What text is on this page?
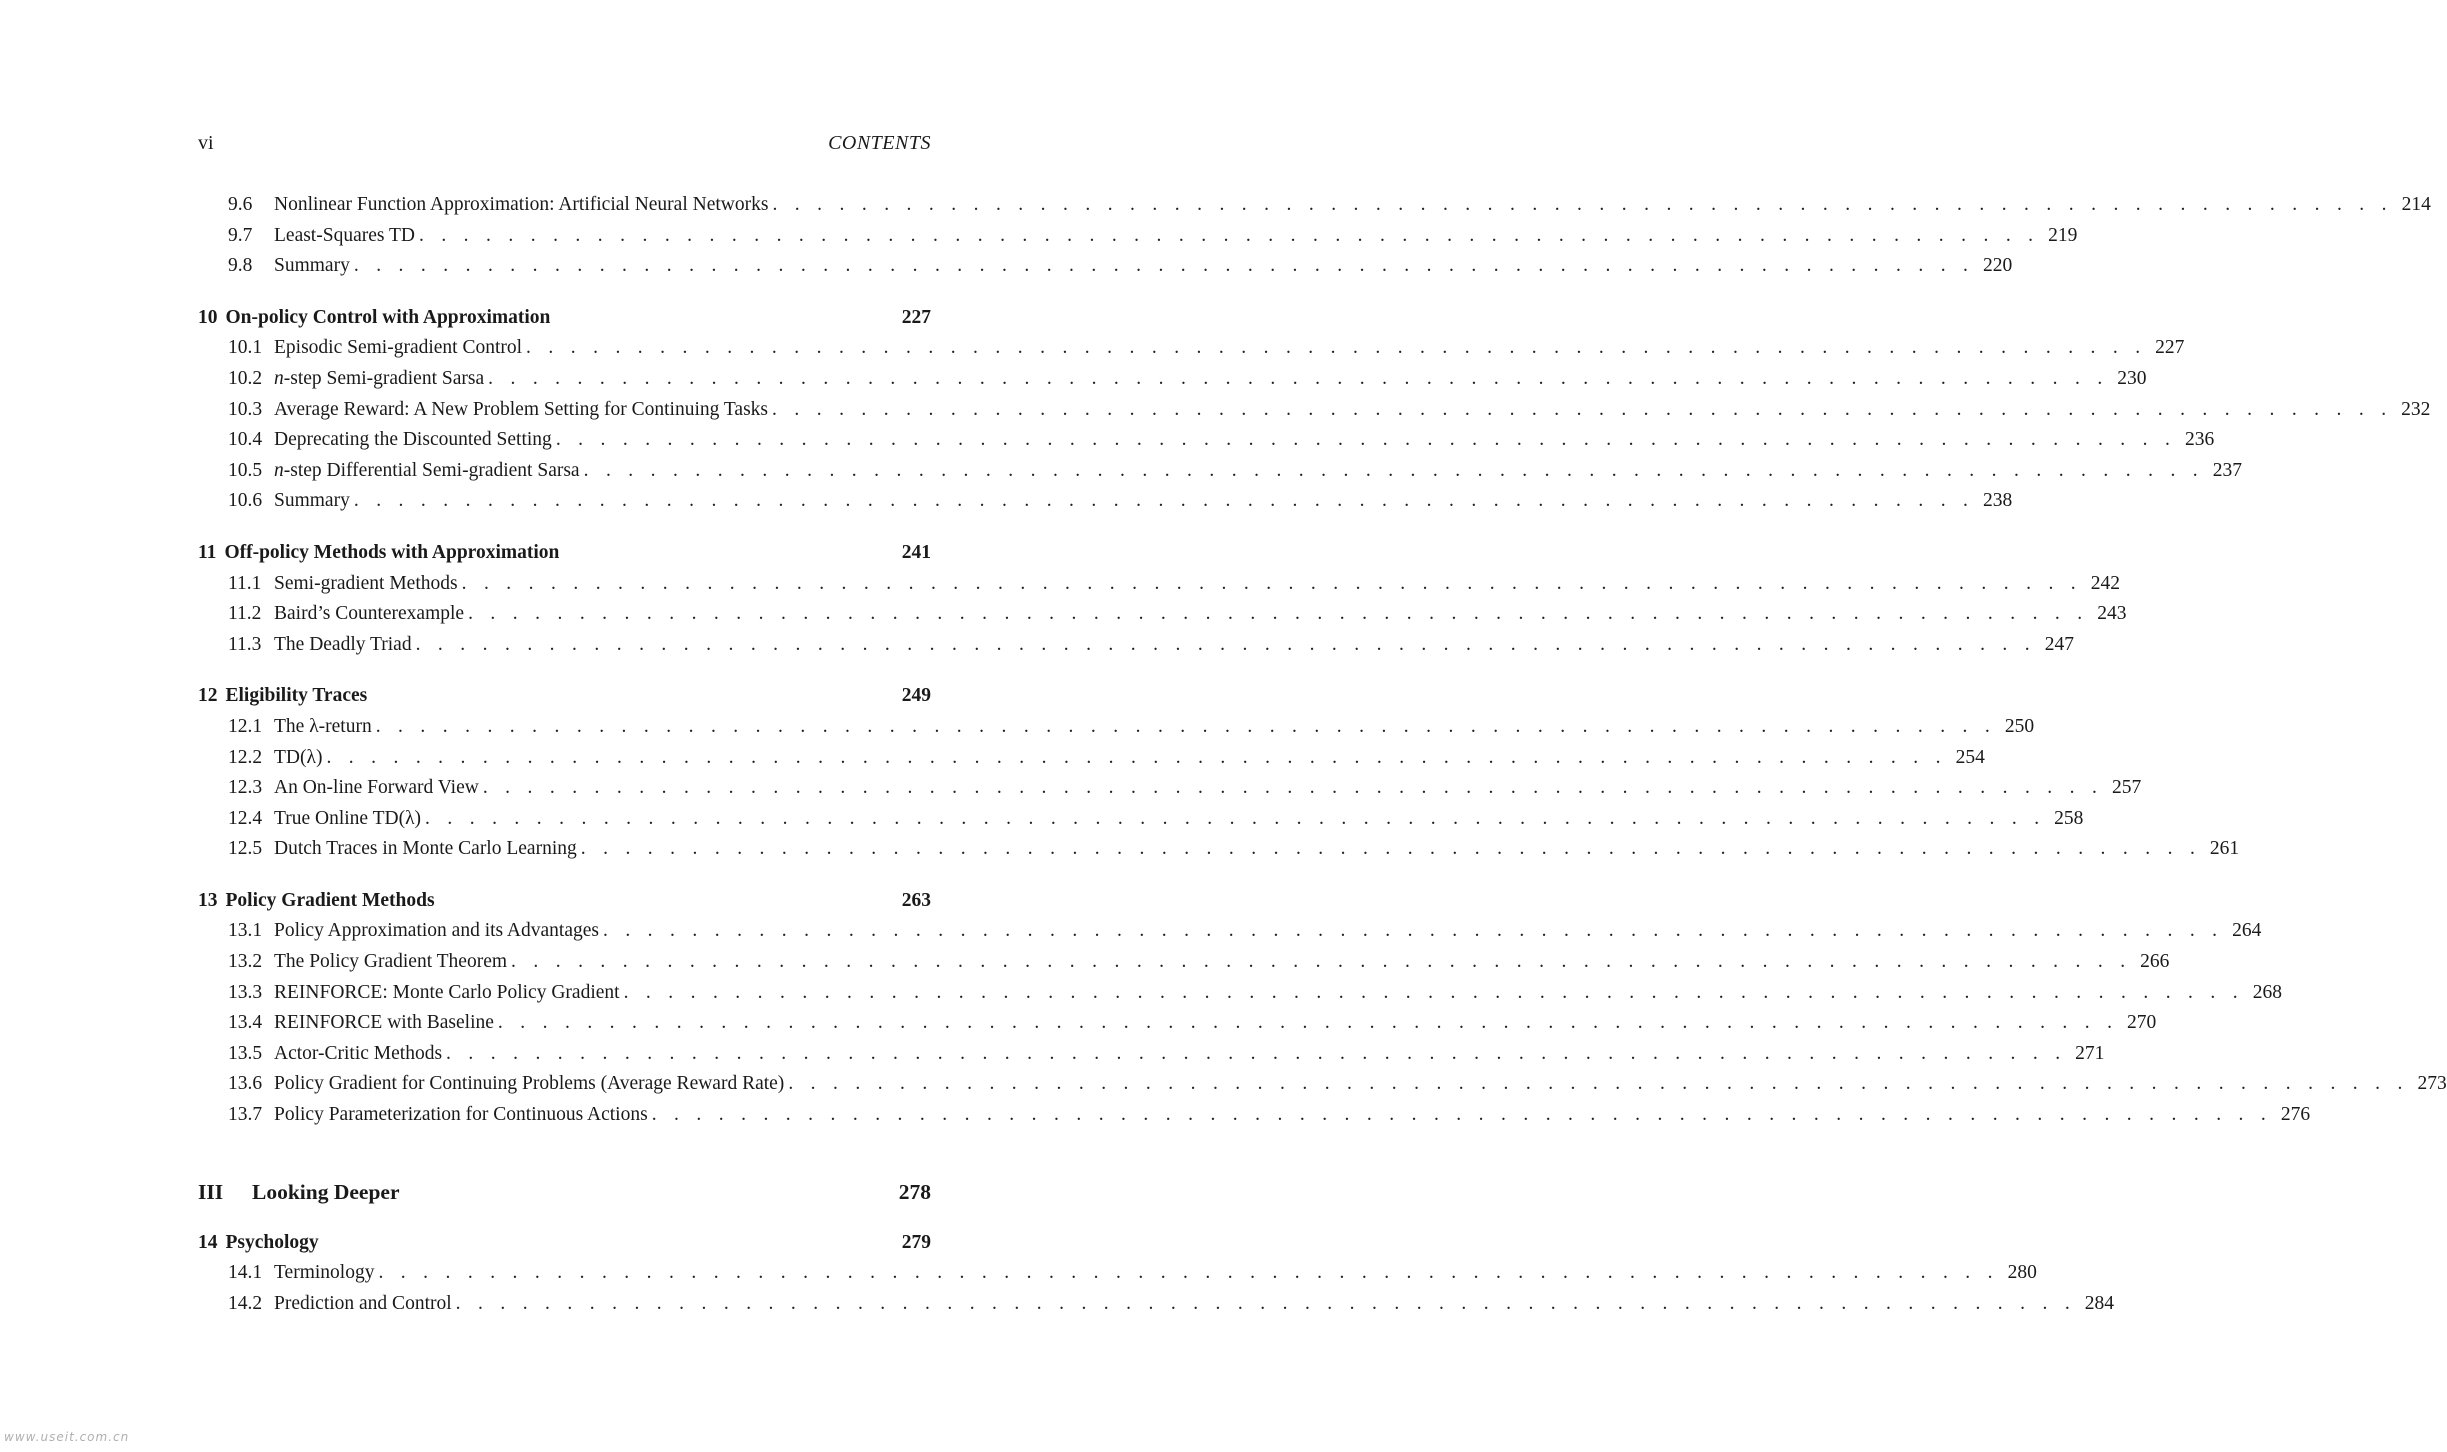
vi	CONTENTS
9.6	Nonlinear Function Approximation: Artificial Neural Networks . . . . . . . . . . . . . . . . . . . . . . . . . . . . . . . . . . . . . . . . . . . . . . . . . . . . . . . . . . . . . . . . . . . . . . . . . 214
9.7	Least-Squares TD . . . . . . . . . . . . . . . . . . . . . . . . . . . . . . . . . . . . . . . . . . . . . . . . . . . . . . . . . . . . . . . . . . . . . . . . . 219
9.8	Summary . . . . . . . . . . . . . . . . . . . . . . . . . . . . . . . . . . . . . . . . . . . . . . . . . . . . . . . . . . . . . . . . . . . . . . . . . 220
10 On-policy Control with Approximation	227
10.1 Episodic Semi-gradient Control . . . . . . . . . . . . . . . . . . . . . . . . . . . . . . . . . . . . . . . . . . . . . . . . . . . . . . . . . . . . . . . . . . . . . . . . . 227
10.2 n-step Semi-gradient Sarsa . . . . . . . . . . . . . . . . . . . . . . . . . . . . . . . . . . . . . . . . . . . . . . . . . . . . . . . . . . . . . . . . . . . . . . . . . 230
10.3 Average Reward: A New Problem Setting for Continuing Tasks . . . . . . . . . . . . . . . . . . . . . . . . . . . . . . . . . . . . . . . . . . . . . . . . . . . . . . . . . . . . . . . . . . . . . . . . . 232
10.4 Deprecating the Discounted Setting . . . . . . . . . . . . . . . . . . . . . . . . . . . . . . . . . . . . . . . . . . . . . . . . . . . . . . . . . . . . . . . . . . . . . . . . . 236
10.5 n-step Differential Semi-gradient Sarsa . . . . . . . . . . . . . . . . . . . . . . . . . . . . . . . . . . . . . . . . . . . . . . . . . . . . . . . . . . . . . . . . . . . . . . . . . 237
10.6 Summary . . . . . . . . . . . . . . . . . . . . . . . . . . . . . . . . . . . . . . . . . . . . . . . . . . . . . . . . . . . . . . . . . . . . . . . . . 238
11 Off-policy Methods with Approximation	241
11.1 Semi-gradient Methods . . . . . . . . . . . . . . . . . . . . . . . . . . . . . . . . . . . . . . . . . . . . . . . . . . . . . . . . . . . . . . . . . . . . . . . . . 242
11.2 Baird’s Counterexample . . . . . . . . . . . . . . . . . . . . . . . . . . . . . . . . . . . . . . . . . . . . . . . . . . . . . . . . . . . . . . . . . . . . . . . . . 243
11.3 The Deadly Triad . . . . . . . . . . . . . . . . . . . . . . . . . . . . . . . . . . . . . . . . . . . . . . . . . . . . . . . . . . . . . . . . . . . . . . . . . 247
12 Eligibility Traces	249
12.1 The λ-return . . . . . . . . . . . . . . . . . . . . . . . . . . . . . . . . . . . . . . . . . . . . . . . . . . . . . . . . . . . . . . . . . . . . . . . . . 250
12.2 TD(λ) . . . . . . . . . . . . . . . . . . . . . . . . . . . . . . . . . . . . . . . . . . . . . . . . . . . . . . . . . . . . . . . . . . . . . . . . . 254
12.3 An On-line Forward View . . . . . . . . . . . . . . . . . . . . . . . . . . . . . . . . . . . . . . . . . . . . . . . . . . . . . . . . . . . . . . . . . . . . . . . . . 257
12.4 True Online TD(λ) . . . . . . . . . . . . . . . . . . . . . . . . . . . . . . . . . . . . . . . . . . . . . . . . . . . . . . . . . . . . . . . . . . . . . . . . . 258
12.5 Dutch Traces in Monte Carlo Learning . . . . . . . . . . . . . . . . . . . . . . . . . . . . . . . . . . . . . . . . . . . . . . . . . . . . . . . . . . . . . . . . . . . . . . . . . 261
13 Policy Gradient Methods	263
13.1 Policy Approximation and its Advantages . . . . . . . . . . . . . . . . . . . . . . . . . . . . . . . . . . . . . . . . . . . . . . . . . . . . . . . . . . . . . . . . . . . . . . . . . 264
13.2 The Policy Gradient Theorem . . . . . . . . . . . . . . . . . . . . . . . . . . . . . . . . . . . . . . . . . . . . . . . . . . . . . . . . . . . . . . . . . . . . . . . . . 266
13.3 REINFORCE: Monte Carlo Policy Gradient . . . . . . . . . . . . . . . . . . . . . . . . . . . . . . . . . . . . . . . . . . . . . . . . . . . . . . . . . . . . . . . . . . . . . . . . . 268
13.4 REINFORCE with Baseline . . . . . . . . . . . . . . . . . . . . . . . . . . . . . . . . . . . . . . . . . . . . . . . . . . . . . . . . . . . . . . . . . . . . . . . . . 270
13.5 Actor-Critic Methods . . . . . . . . . . . . . . . . . . . . . . . . . . . . . . . . . . . . . . . . . . . . . . . . . . . . . . . . . . . . . . . . . . . . . . . . . 271
13.6 Policy Gradient for Continuing Problems (Average Reward Rate) . . . . . . . . . . . . . . . . . . . . . . . . . . . . . . . . . . . . . . . . . . . . . . . . . . . . . . . . . . . . . . . . . . . . . . . . . 273
13.7 Policy Parameterization for Continuous Actions . . . . . . . . . . . . . . . . . . . . . . . . . . . . . . . . . . . . . . . . . . . . . . . . . . . . . . . . . . . . . . . . . . . . . . . . . 276
III	Looking Deeper	278
14 Psychology	279
14.1 Terminology . . . . . . . . . . . . . . . . . . . . . . . . . . . . . . . . . . . . . . . . . . . . . . . . . . . . . . . . . . . . . . . . . . . . . . . . . 280
14.2 Prediction and Control . . . . . . . . . . . . . . . . . . . . . . . . . . . . . . . . . . . . . . . . . . . . . . . . . . . . . . . . . . . . . . . . . . . . . . . . . 284
www.useit.com.cn
